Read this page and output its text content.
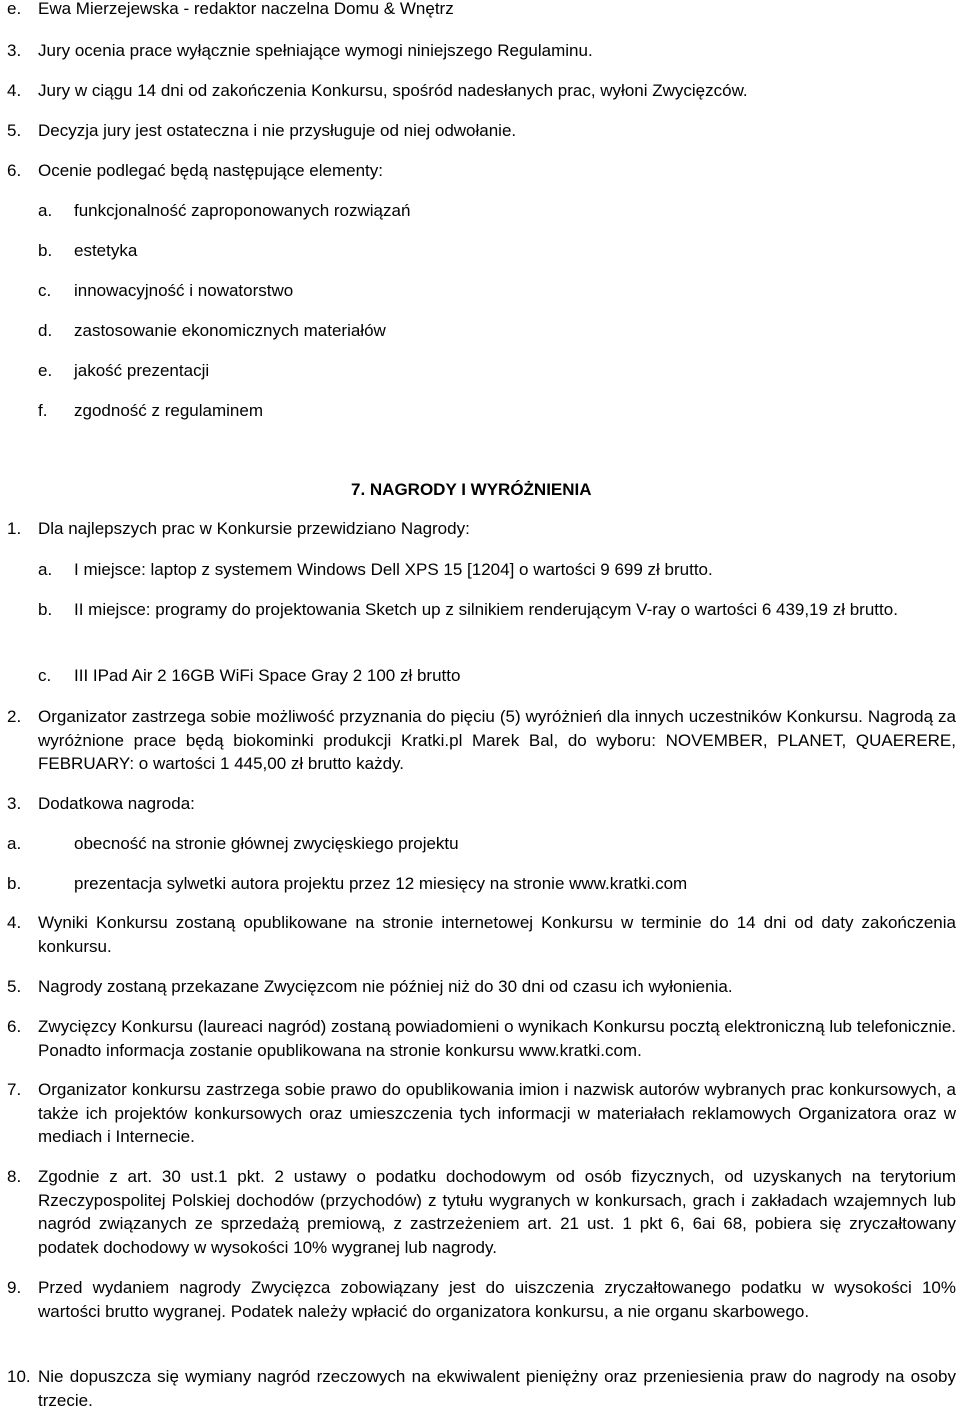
e. Ewa Mierzejewska - redaktor naczelna Domu & Wnętrz
3. Jury ocenia prace wyłącznie spełniające wymogi niniejszego Regulaminu.
4. Jury w ciągu 14 dni od zakończenia Konkursu, spośród nadesłanych prac, wyłoni Zwycięzców.
5. Decyzja jury jest ostateczna i nie przysługuje od niej odwołanie.
6. Ocenie podlegać będą następujące elementy:
a. funkcjonalność zaproponowanych rozwiązań
b. estetyka
c. innowacyjność i nowatorstwo
d. zastosowanie ekonomicznych materiałów
e. jakość prezentacji
f. zgodność z regulaminem
7. NAGRODY I WYRÓŻNIENIA
1. Dla najlepszych prac w Konkursie przewidziano Nagrody:
a. I miejsce: laptop z systemem Windows Dell XPS 15 [1204] o wartości 9 699 zł brutto.
b. II miejsce: programy do projektowania Sketch up z silnikiem renderującym V-ray o wartości 6 439,19 zł brutto.
c. III IPad Air 2 16GB WiFi Space Gray 2 100 zł brutto
2. Organizator zastrzega sobie możliwość przyznania do pięciu (5) wyróżnień dla innych uczestników Konkursu. Nagrodą za wyróżnione prace będą biokominki produkcji Kratki.pl Marek Bal, do wyboru: NOVEMBER, PLANET, QUAERERE, FEBRUARY: o wartości 1 445,00 zł brutto każdy.
3. Dodatkowa nagroda:
a.	obecność na stronie głównej zwycięskiego projektu
b.	prezentacja sylwetki autora projektu przez 12 miesięcy na stronie www.kratki.com
4. Wyniki Konkursu zostaną opublikowane na stronie internetowej Konkursu w terminie do 14 dni od daty zakończenia konkursu.
5. Nagrody zostaną przekazane Zwycięzcom nie później niż do 30 dni od czasu ich wyłonienia.
6. Zwycięzcy Konkursu (laureaci nagród) zostaną powiadomieni o wynikach Konkursu pocztą elektroniczną lub telefonicznie. Ponadto informacja zostanie opublikowana na stronie konkursu www.kratki.com.
7. Organizator konkursu zastrzega sobie prawo do opublikowania imion i nazwisk autorów wybranych prac konkursowych, a także ich projektów konkursowych oraz umieszczenia tych informacji w materiałach reklamowych Organizatora oraz w mediach i Internecie.
8. Zgodnie z art. 30 ust.1 pkt. 2 ustawy o podatku dochodowym od osób fizycznych, od uzyskanych na terytorium Rzeczypospolitej Polskiej dochodów (przychodów) z tytułu wygranych w konkursach, grach i zakładach wzajemnych lub nagród związanych ze sprzedażą premiową, z zastrzeżeniem art. 21 ust. 1 pkt 6, 6ai 68, pobiera się zryczałtowany podatek dochodowy w wysokości 10% wygranej lub nagrody.
9. Przed wydaniem nagrody Zwycięzca zobowiązany jest do uiszczenia zryczałtowanego podatku w wysokości 10% wartości brutto wygranej. Podatek należy wpłacić do organizatora konkursu, a nie organu skarbowego.
10. Nie dopuszcza się wymiany nagród rzeczowych na ekwiwalent pieniężny oraz przeniesienia praw do nagrody na osoby trzecie.
